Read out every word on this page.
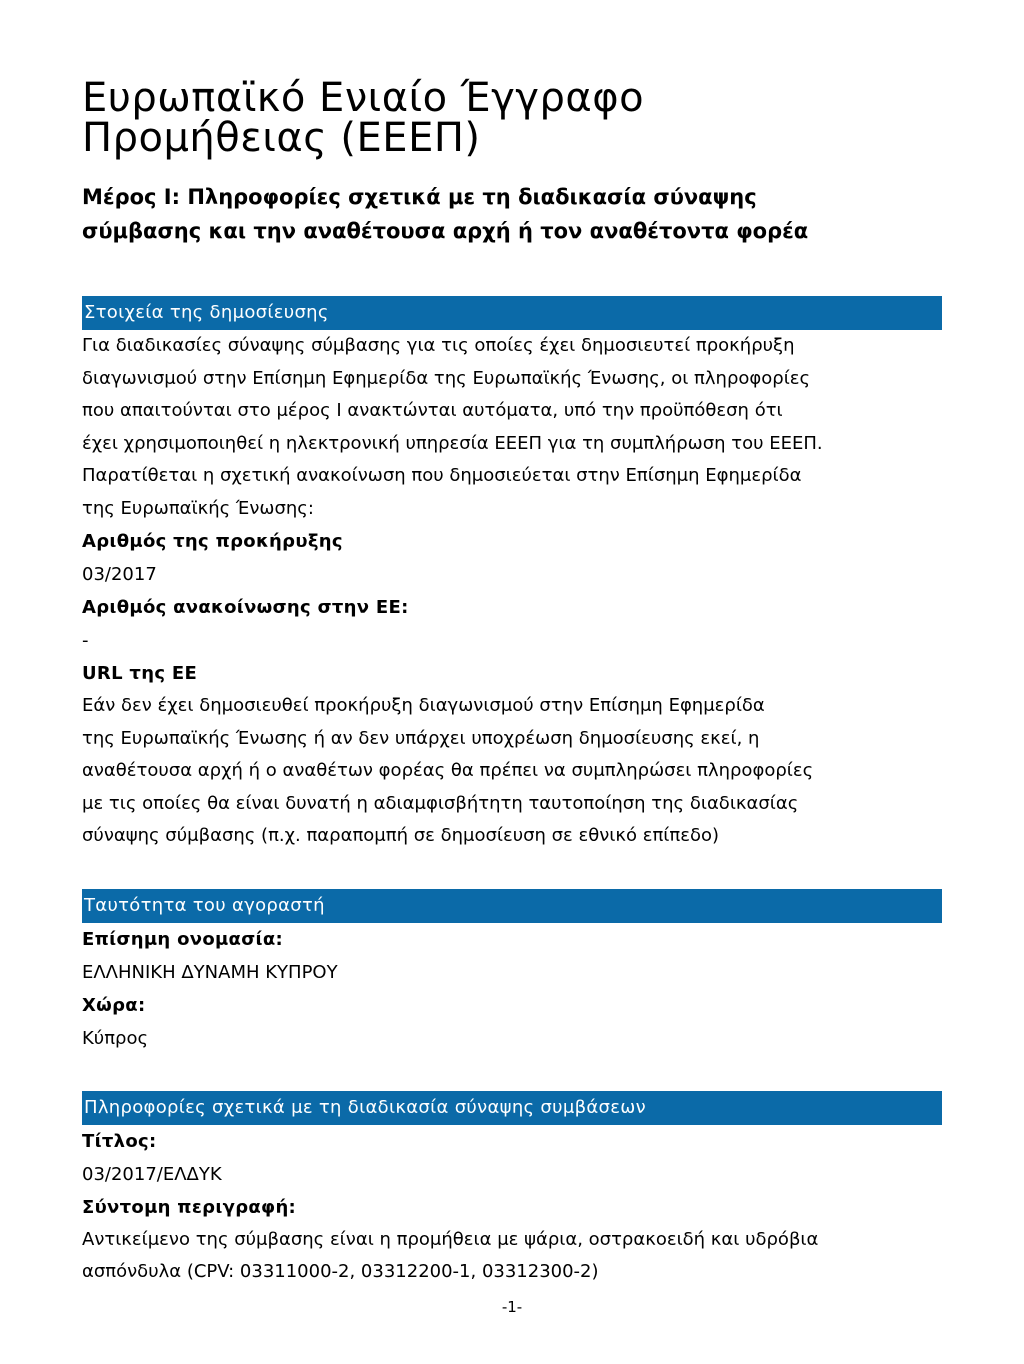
Ευρωπαϊκό Ενιαίο Έγγραφο
Προμήθειας (ΕΕΕΠ)
Μέρος I: Πληροφορίες σχετικά με τη διαδικασία σύναψης
σύμβασης και την αναθέτουσα αρχή ή τον αναθέτοντα φορέα
Στοιχεία της δημοσίευσης

Για διαδικασίες σύναψης σύμβασης για τις οποίες έχει δημοσιευτεί προκήρυξη
διαγωνισμού στην Επίσημη Εφημερίδα της Ευρωπαϊκής Ένωσης, οι πληροφορίες
που απαιτούνται στο μέρος I ανακτώνται αυτόματα, υπό την προϋπόθεση ότι
έχει χρησιμοποιηθεί η ηλεκτρονική υπηρεσία ΕΕΕΠ για τη συμπλήρωση του ΕΕΕΠ.
Παρατίθεται η σχετική ανακοίνωση που δημοσιεύεται στην Επίσημη Εφημερίδα
της Ευρωπαϊκής Ένωσης:

Αριθμός της προκήρυξης
03/2017
Αριθμός ανακοίνωσης στην ΕΕ:
-
URL της ΕΕ

Εάν δεν έχει δημοσιευθεί προκήρυξη διαγωνισμού στην Επίσημη Εφημερίδα
της Ευρωπαϊκής Ένωσης ή αν δεν υπάρχει υποχρέωση δημοσίευσης εκεί, η
αναθέτουσα αρχή ή ο αναθέτων φορέας θα πρέπει να συμπληρώσει πληροφορίες
με τις οποίες θα είναι δυνατή η αδιαμφισβήτητη ταυτοποίηση της διαδικασίας
σύναψης σύμβασης (π.χ. παραπομπή σε δημοσίευση σε εθνικό επίπεδο)

Ταυτότητα του αγοραστή
Επίσημη ονομασία:
ΕΛΛΗΝΙΚΗ ΔΥΝΑΜΗ ΚΥΠΡΟΥ
Χώρα:
Κύπρος
Πληροφορίες σχετικά με τη διαδικασία σύναψης συμβάσεων
Τίτλος:
03/2017/ΕΛΔΥΚ
Σύντομη περιγραφή:

Αντικείμενο της σύμβασης είναι η προμήθεια με ψάρια, οστρακοειδή και υδρόβια
ασπόνδυλα (CPV: 03311000-2, 03312200-1, 03312300-2)

-1-
